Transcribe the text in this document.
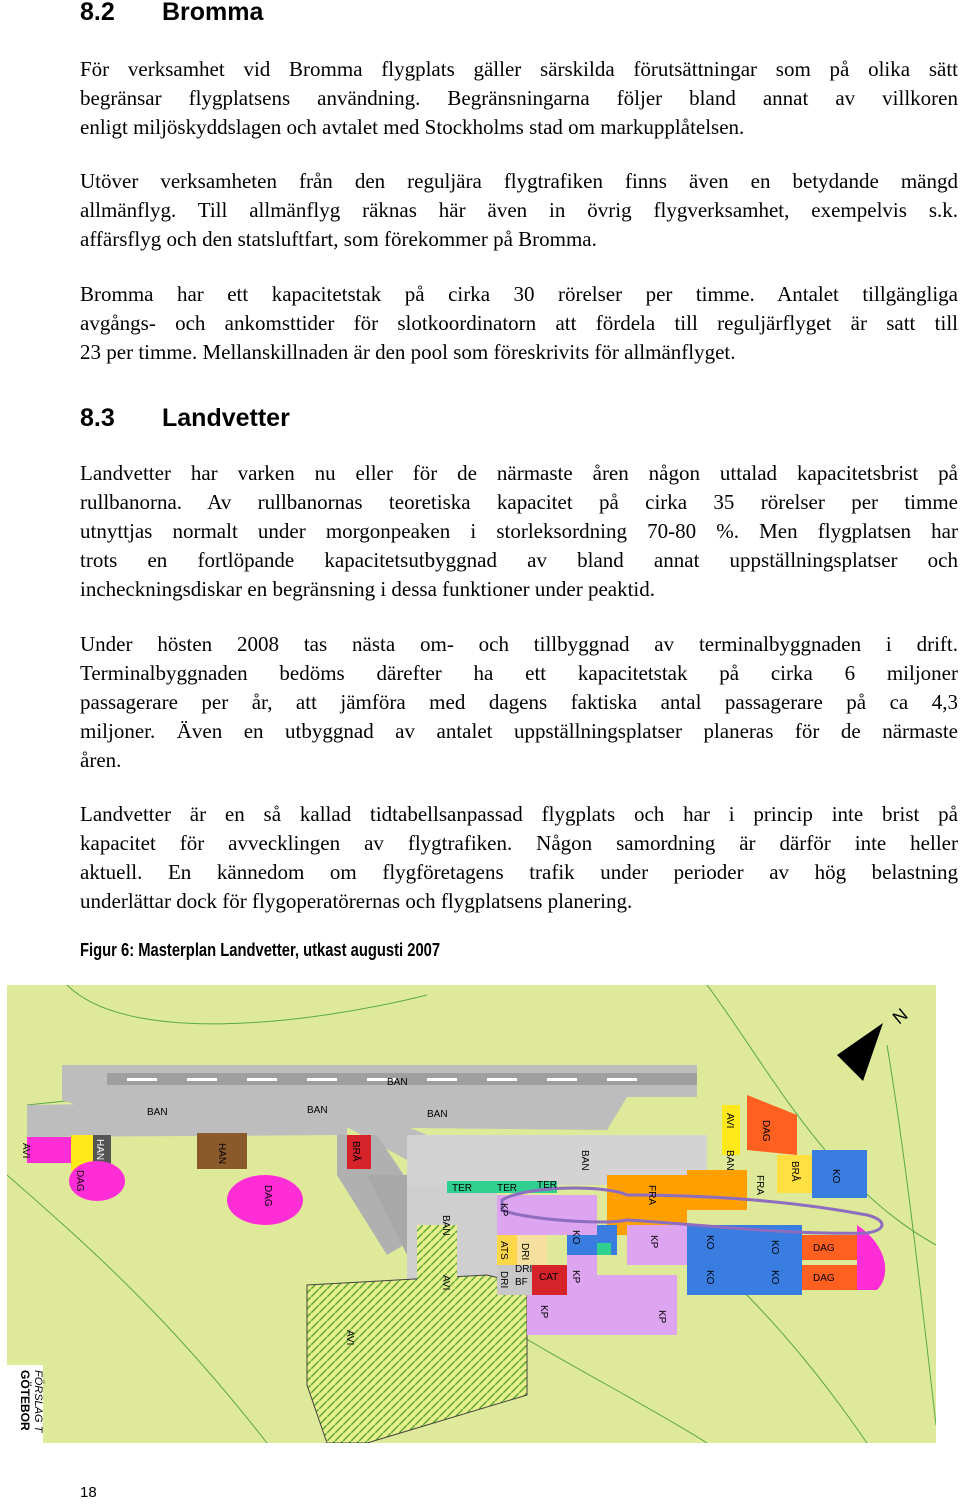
8.2 Bromma
För verksamhet vid Bromma flygplats gäller särskilda förutsättningar som på olika sätt
begränsar flygplatsens användning. Begränsningarna följer bland annat av villkoren
enligt miljöskyddslagen och avtalet med Stockholms stad om markupplåtelsen.
Utöver verksamheten från den reguljära flygtrafiken finns även en betydande mängd
allmänflyg. Till allmänflyg räknas här även in övrig flygverksamhet, exempelvis s.k.
affärsflyg och den statsluftfart, som förekommer på Bromma.
Bromma har ett kapacitetstak på cirka 30 rörelser per timme. Antalet tillgängliga
avgångs- och ankomsttider för slotkoordinatorn att fördela till reguljärflyget är satt till
23 per timme. Mellanskillnaden är den pool som föreskrivits för allmänflyget.
8.3 Landvetter
Landvetter har varken nu eller för de närmaste åren någon uttalad kapacitetsbrist på
rullbanorna. Av rullbanornas teoretiska kapacitet på cirka 35 rörelser per timme
utnyttjas normalt under morgonpeaken i storleksordning 70-80 %. Men flygplatsen har
trots en fortlöpande kapacitetsutbyggnad av bland annat uppställningsplatser och
incheckningsdiskar en begränsning i dessa funktioner under peaktid.
Under hösten 2008 tas nästa om- och tillbyggnad av terminalbyggnaden i drift.
Terminalbyggnaden bedöms därefter ha ett kapacitetstak på cirka 6 miljoner
passagerare per år, att jämföra med dagens faktiska antal passagerare på ca 4,3
miljoner. Även en utbyggnad av antalet uppställningsplatser planeras för de närmaste
åren.
Landvetter är en så kallad tidtabellsanpassad flygplats och har i princip inte brist på
kapacitet för avvecklingen av flygtrafiken. Någon samordning är därför inte heller
aktuell. En kännedom om flygföretagens trafik under perioder av hög belastning
underlättar dock för flygoperatörernas och flygplatsens planering.
Figur 6: Masterplan Landvetter, utkast augusti 2007
N
BAN	BAN	BAN
BAN
BAN
BAN	BAN
AVI
AVI
HAN	BRÅ
BRÅ
DAG
DAG
DAG
DAG
DAG
FRA	FRA	KO
KO	KO
KO	KO
KO
KP
KP
KP
KP	KP
TER	TER TER
DRI
DRI
DRI
ATS
CAT
BF
HAN
AVI
AVI
GÖTEBOR FÖRSLAG T
18
